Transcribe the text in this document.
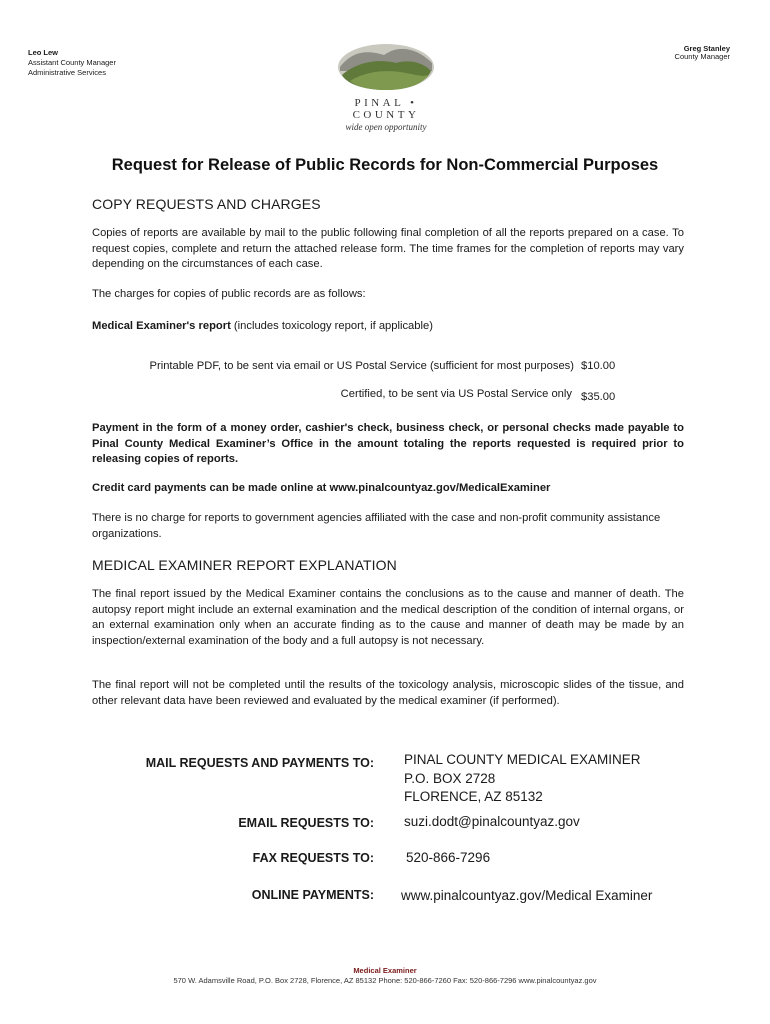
Leo Lew
Assistant County Manager
Administrative Services
PINAL • COUNTY
wide open opportunity
Greg Stanley
County Manager
Request for Release of Public Records for Non-Commercial Purposes
COPY REQUESTS AND CHARGES
Copies of reports are available by mail to the public following final completion of all the reports prepared on a case. To request copies, complete and return the attached release form. The time frames for the completion of reports may vary depending on the circumstances of each case.
The charges for copies of public records are as follows:
Medical Examiner's report (includes toxicology report, if applicable)
Printable PDF, to be sent via email or US Postal Service (sufficient for most purposes) $10.00
Certified, to be sent via US Postal Service only $35.00
Payment in the form of a money order, cashier's check, business check, or personal checks made payable to Pinal County Medical Examiner’s Office in the amount totaling the reports requested is required prior to releasing copies of reports.
Credit card payments can be made online at www.pinalcountyaz.gov/MedicalExaminer
There is no charge for reports to government agencies affiliated with the case and non-profit community assistance organizations.
MEDICAL EXAMINER REPORT EXPLANATION
The final report issued by the Medical Examiner contains the conclusions as to the cause and manner of death. The autopsy report might include an external examination and the medical description of the condition of internal organs, or an external examination only when an accurate finding as to the cause and manner of death may be made by an inspection/external examination of the body and a full autopsy is not necessary.
The final report will not be completed until the results of the toxicology analysis, microscopic slides of the tissue, and other relevant data have been reviewed and evaluated by the medical examiner (if performed).
MAIL REQUESTS AND PAYMENTS TO: PINAL COUNTY MEDICAL EXAMINER
P.O. BOX 2728
FLORENCE, AZ 85132
EMAIL REQUESTS TO: suzi.dodt@pinalcountyaz.gov
FAX REQUESTS TO: 520-866-7296
ONLINE PAYMENTS: www.pinalcountyaz.gov/Medical Examiner
Medical Examiner
570 W. Adamsville Road, P.O. Box 2728, Florence, AZ 85132 Phone: 520-866-7260 Fax: 520-866-7296 www.pinalcountyaz.gov
